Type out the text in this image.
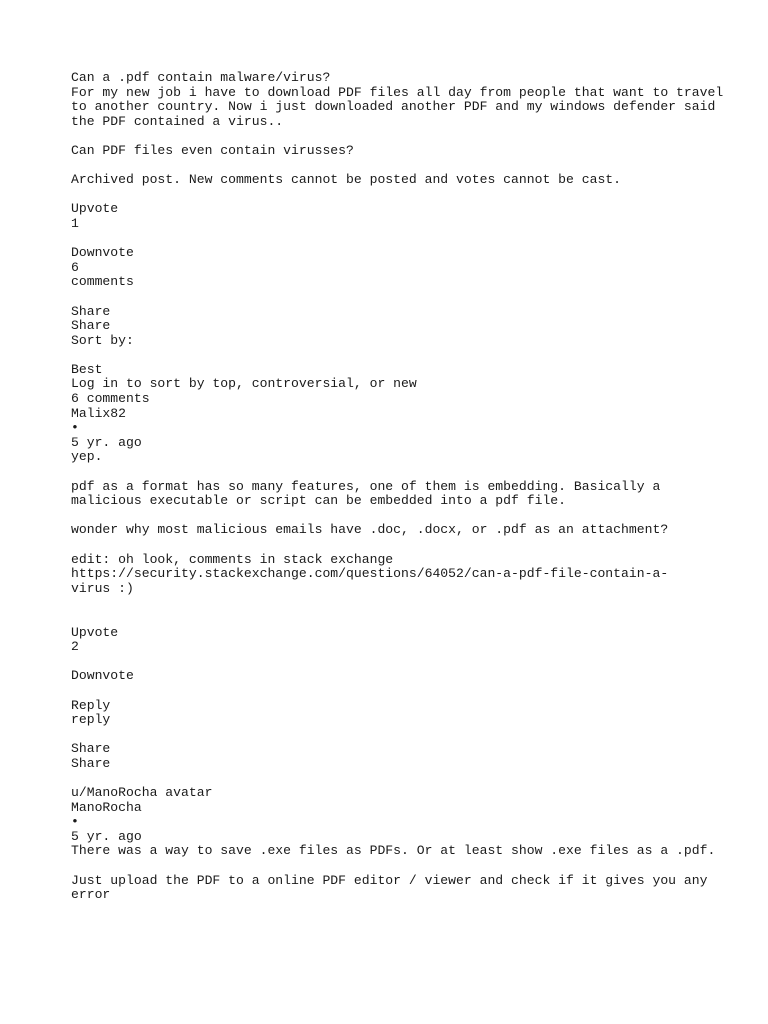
Can a .pdf contain malware/virus?
For my new job i have to download PDF files all day from people that want to travel
to another country. Now i just downloaded another PDF and my windows defender said
the PDF contained a virus..
Can PDF files even contain virusses?
Archived post. New comments cannot be posted and votes cannot be cast.
Upvote
1
Downvote
6
comments
Share
Share
Sort by:
Best
Log in to sort by top, controversial, or new
6 comments
Malix82
•
5 yr. ago
yep.
pdf as a format has so many features, one of them is embedding. Basically a
malicious executable or script can be embedded into a pdf file.
wonder why most malicious emails have .doc, .docx, or .pdf as an attachment?
edit: oh look, comments in stack exchange
https://security.stackexchange.com/questions/64052/can-a-pdf-file-contain-a-
virus :)
Upvote
2
Downvote
Reply
reply
Share
Share
u/ManoRocha avatar
ManoRocha
•
5 yr. ago
There was a way to save .exe files as PDFs. Or at least show .exe files as a .pdf.
Just upload the PDF to a online PDF editor / viewer and check if it gives you any
error
